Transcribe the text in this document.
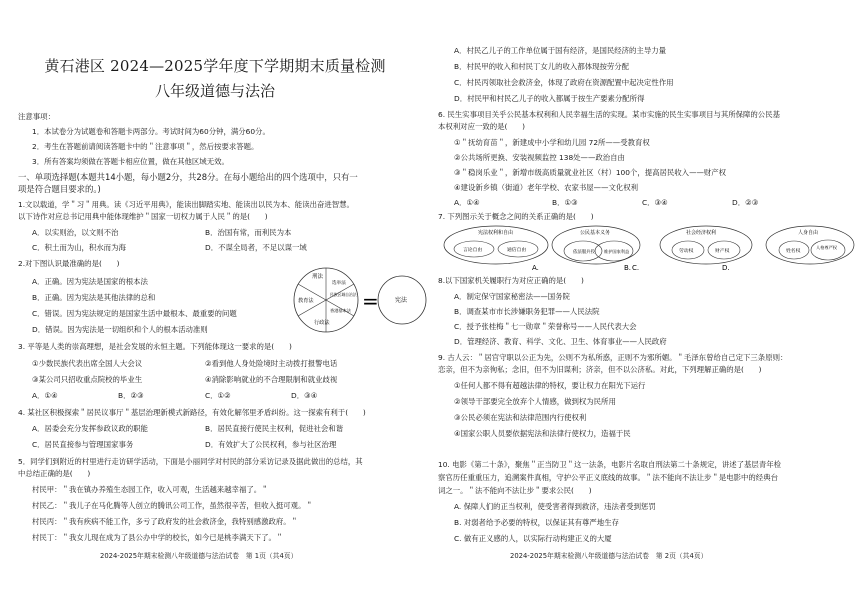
黄石港区 2024—2025学年度下学期期末质量检测
八年级道德与法治
注意事项：
1．本试卷分为试题卷和答题卡两部分。考试时间为60分钟，满分60分。
2．考生在答题前请阅读答题卡中的＂注意事项＂，然后按要求答题。
3．所有答案均须做在答题卡相应位置，做在其他区域无效。
一、单项选择题(本题共14小题，每小题2分，共28分。在每小题给出的四个选项中，只有一
项是符合题目要求的。)
1.文以载道，学＂习＂用典。读《习近平用典》，能读出脚踏实地、能读出以民为本、能读出奋进智慧。
以下诗作对应总书记用典中能体现维护＂国家一切权力属于人民＂的是(　　)
A．以实则治，以文则不治	B．治国有常，而利民为本
C．积土而为山，积水而为海	D．不谋全局者，不足以谋一域
2.对下图认识最准确的是(　　)
A．正确。因为宪法是国家的根本法
B．正确。因为宪法是其他法律的总和
C．错误。因为宪法规定的是国家生活中最根本、最重要的问题
D．错误。因为宪法是一切组织和个人的根本活动准则
刑法
选举法
民族区域自治法
教育法
香港基本法
行政法
=	宪法
3. 平等是人类的崇高理想，是社会发展的永恒主题。下列能体现这一要求的是(　　)
①少数民族代表出席全国人大会议	②看到他人身处险境时主动拨打报警电话
③某公司只招收重点院校的毕业生	④消除影响就业的不合理限制和就业歧视
A．①④	B．②③	C．①②	D．③④
4. 某社区积极探索＂居民议事厅＂基层治理新模式新路径，有效化解邻里矛盾纠纷。这一探索有利于(　　)
A．居委会充分发挥参政议政的职能	B．居民直接行使民主权利，促进社会和谐
C．居民直接参与管理国家事务	D．有效扩大了公民权利，参与社区治理
5．同学们到附近的村里进行走访研学活动，下面是小丽同学对村民的部分采访记录及据此做出的总结，其
中总结正确的是(　　)
村民甲：＂我在镇办养殖生态园工作，收入可观，生活越来越幸福了。＂
村民乙：＂我儿子在马化腾等人创立的腾讯公司工作，虽然很辛苦，但收入挺可观。＂
村民丙：＂我有疾病不能工作，多亏了政府发的社会救济金，我特别感激政府。＂
村民丁：＂我女儿现在成为了县公办中学的校长，如今已是桃李满天下了。＂
2024-2025年期末检测八年级道德与法治试卷　第 1页（共4页）
A．村民乙儿子的工作单位属于国有经济，是国民经济的主导力量
B．村民甲的收入和村民丁女儿的收入都体现按劳分配
C．村民丙领取社会救济金，体现了政府在资源配置中起决定性作用
D．村民甲和村民乙儿子的收入都属于按生产要素分配所得
6. 民生实事项目关乎公民基本权利和人民幸福生活的实现。某市实施的民生实事项目与其所保障的公民基
本权利对应一致的是(　　)
①＂抚幼育苗＂，新建成中小学和幼儿园 72所——受教育权
②公共场所更换、安装视频监控 138处——政治自由
③＂稳岗乐业＂，新增市级高质量就业社区（村）100个，提高居民收入——财产权
④建设新乡镇（街道）老年学校、农家书屋——文化权利
A．①④	B．①③	C．③④	D．②③
7. 下列图示关于概念之间的关系正确的是(　　)
宪法权利和自由
言论自由	通信自由
A.
公民基本义务
依法服兵役 维护国家利益
B.
社会经济权利
劳动权	财产权
C.
人身自由
姓名权
人格尊严权
D.
8.以下国家机关履职行为对应正确的是(　　)
A．制定保守国家秘密法——国务院
B．调查某市市长涉嫌职务犯罪——人民法院
C．授予张桂梅＂七一勋章＂荣誉称号——人民代表大会
D．管理经济、教育、科学、文化、卫生、体育事业——人民政府
9. 古人云：＂居官守职以公正为先，公则不为私所惑，正则不为邪所媚。＂毛泽东曾给自己定下三条原则：
恋亲，但不为亲徇私；念旧，但不为旧谋利；济亲，但不以公济私。对此，下列理解正确的是(　　)
①任何人都不得有超越法律的特权，要让权力在阳光下运行
②领导干部要完全放弃个人情感，做到权为民所用
③公民必须在宪法和法律范围内行使权利
④国家公职人员要依据宪法和法律行使权力，造福于民
10. 电影《第二十条》，聚焦＂正当防卫＂这一法条，电影片名取自刑法第二十条规定，讲述了基层青年检
察官历任重重压力，追溯案件真相，守护公平正义底线的故事。＂法不能向不法让步＂是电影中的经典台
词之一。＂法不能向不法让步＂要求公民(　　)
A. 保障人们的正当权利，使受害者得到救济，违法者受到惩罚
B. 对弱者给予必要的特权，以保证其有尊严地生存
C. 做有正义感的人，以实际行动构建正义的大厦
2024-2025年期末检测八年级道德与法治试卷　第 2页（共4页）
